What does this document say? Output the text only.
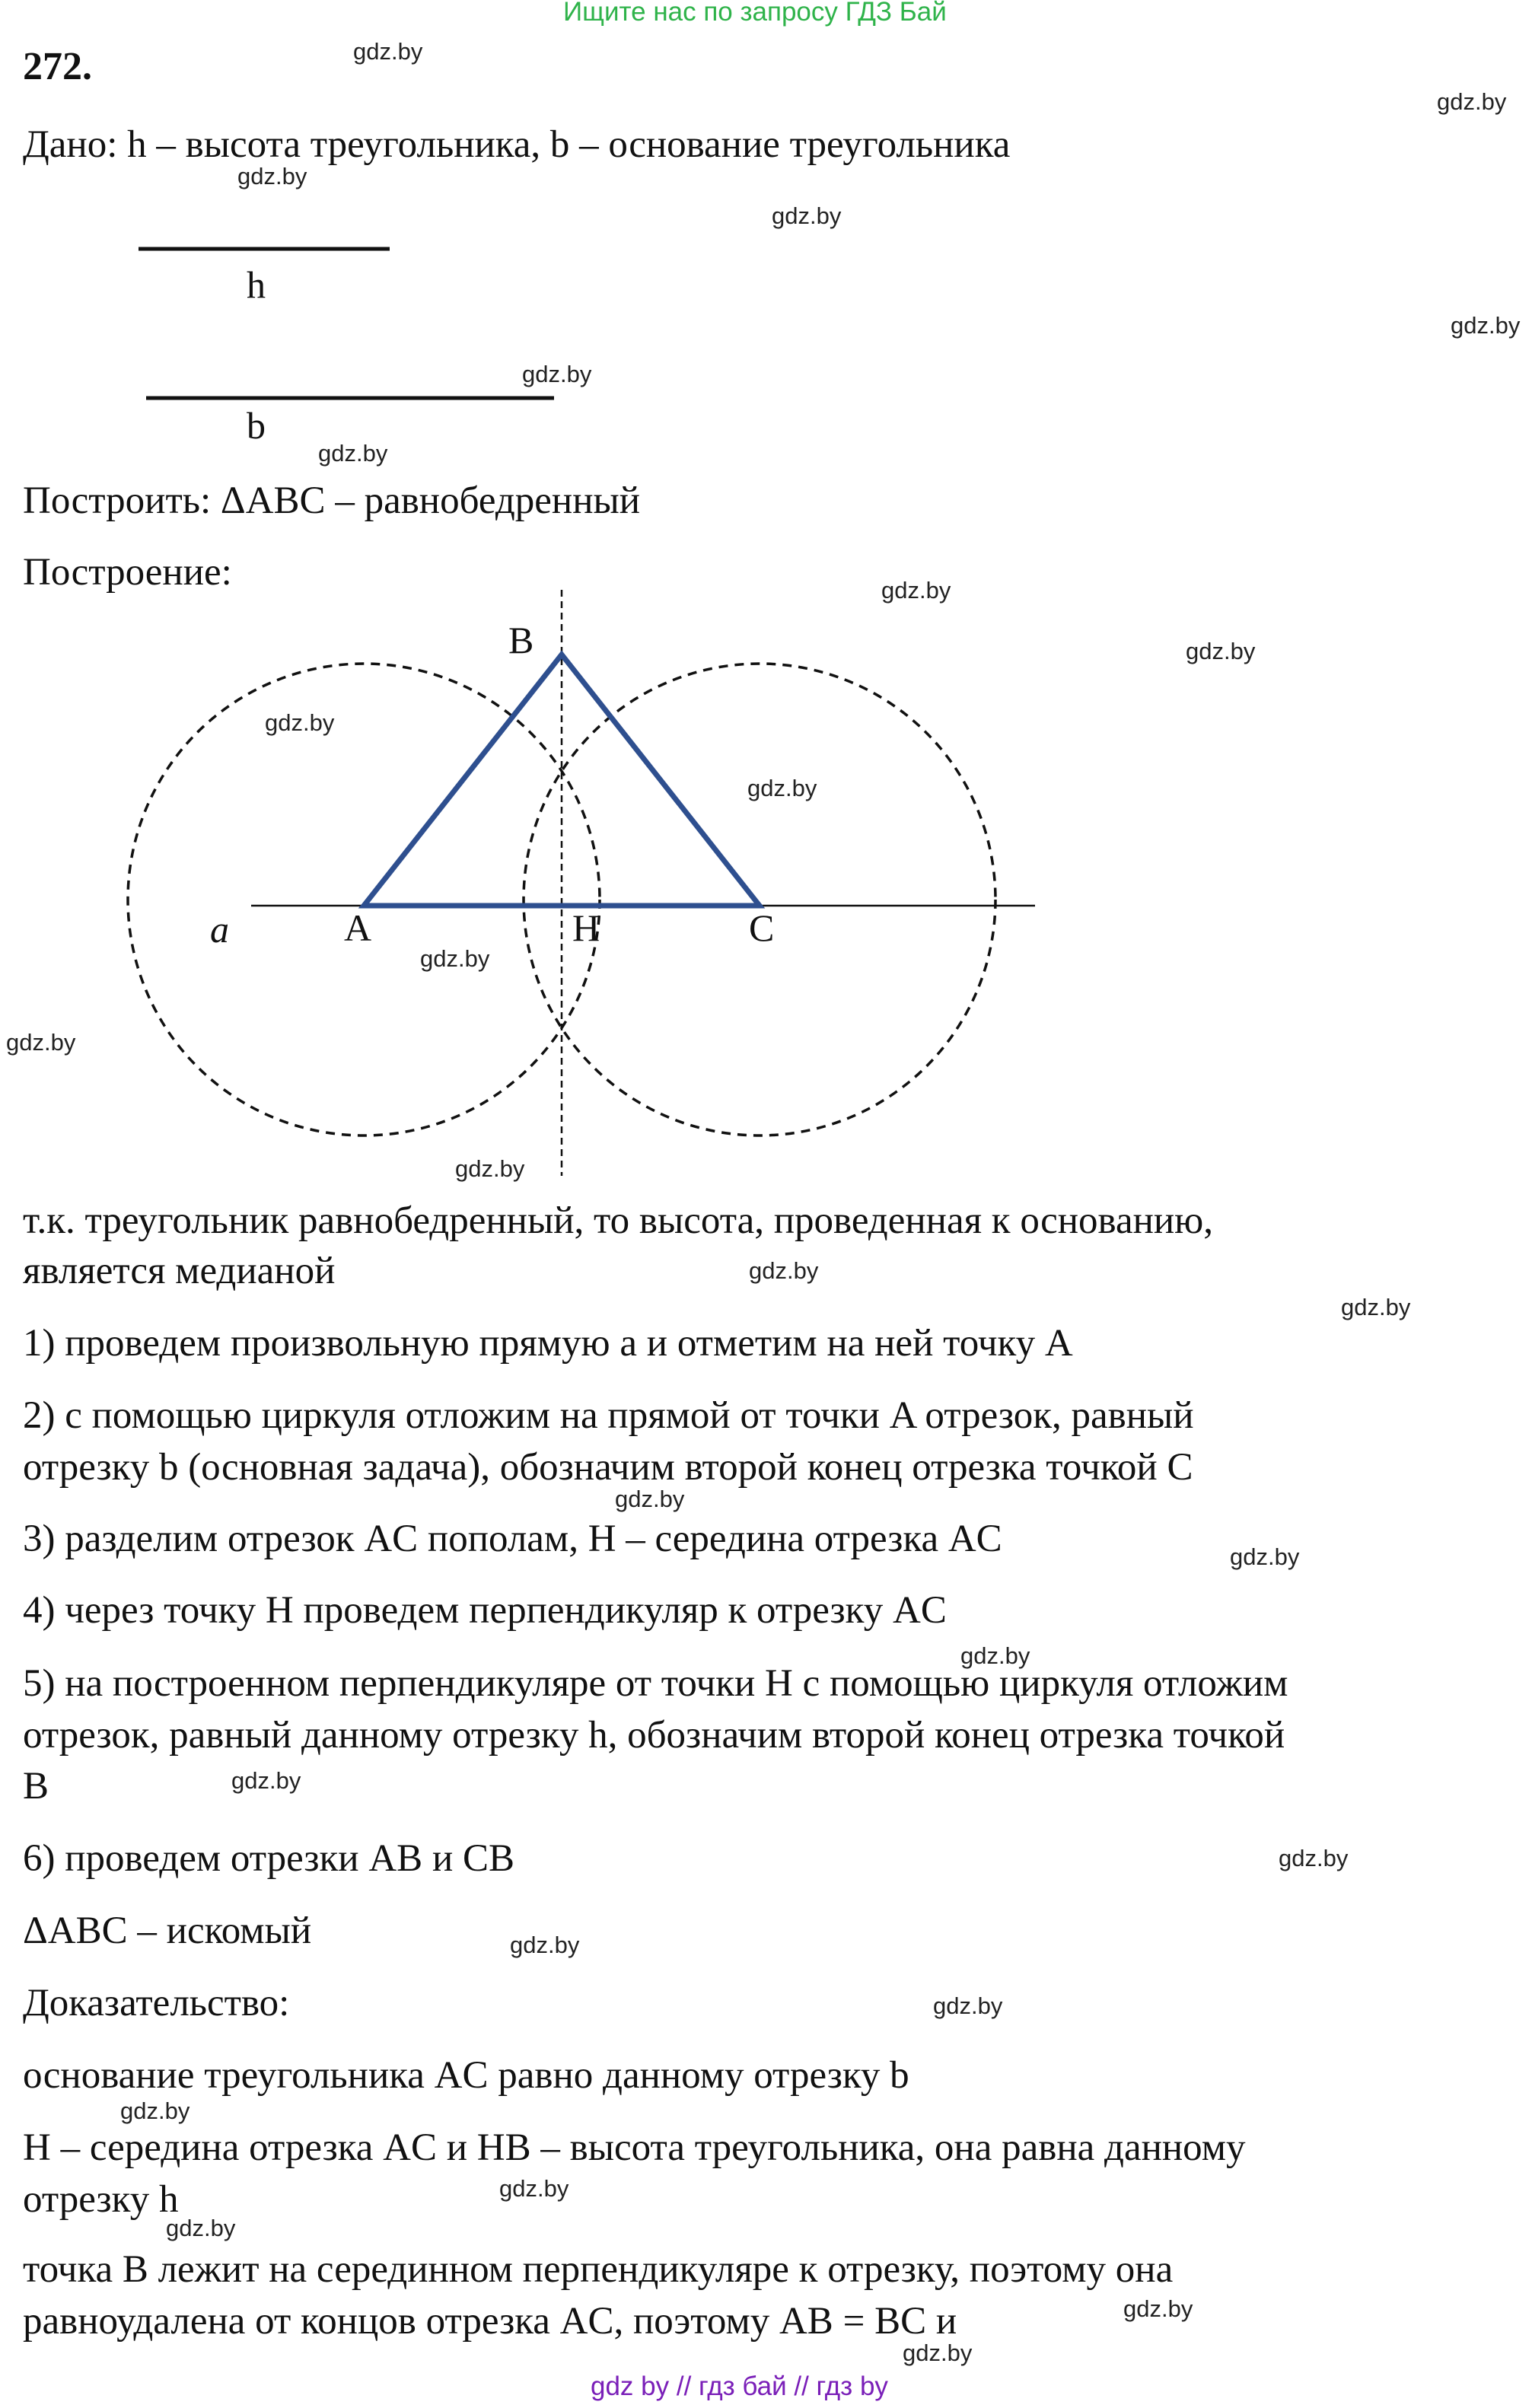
Ищите нас по запросу ГДЗ Бай
272.
Дано: h – высота треугольника, b – основание треугольника
h
b
Построить: ΔABC – равнобедренный
Построение:
B
A	H	C
a
т.к. треугольник равнобедренный, то высота, проведенная к основанию,
является медианой
1) проведем произвольную прямую a и отметим на ней точку A
2) с помощью циркуля отложим на прямой от точки A отрезок, равный
отрезку b (основная задача), обозначим второй конец отрезка точкой C
3) разделим отрезок AC пополам, H – середина отрезка AC
4) через точку H проведем перпендикуляр к отрезку AC
5) на построенном перпендикуляре от точки H с помощью циркуля отложим
отрезок, равный данному отрезку h, обозначим второй конец отрезка точкой
B
6) проведем отрезки AB и CB
ΔABC – искомый
Доказательство:
основание треугольника AC равно данному отрезку b
H – середина отрезка AC и HB – высота треугольника, она равна данному
отрезку h
точка B лежит на серединном перпендикуляре к отрезку, поэтому она
равноудалена от концов отрезка AC, поэтому AB = BC и
gdz.by
gdz.by
gdz.by
gdz.by
gdz.by
gdz.by
gdz.by
gdz.by
gdz.by
gdz.by
gdz.by
gdz.by
gdz.by
gdz.by
gdz.by
gdz.by
gdz.by
gdz.by
gdz.by
gdz.by
gdz.by
gdz.by
gdz.by
gdz.by
gdz.by
gdz.by
gdz.by
gdz.by
gdz by // гдз бай // гдз by
